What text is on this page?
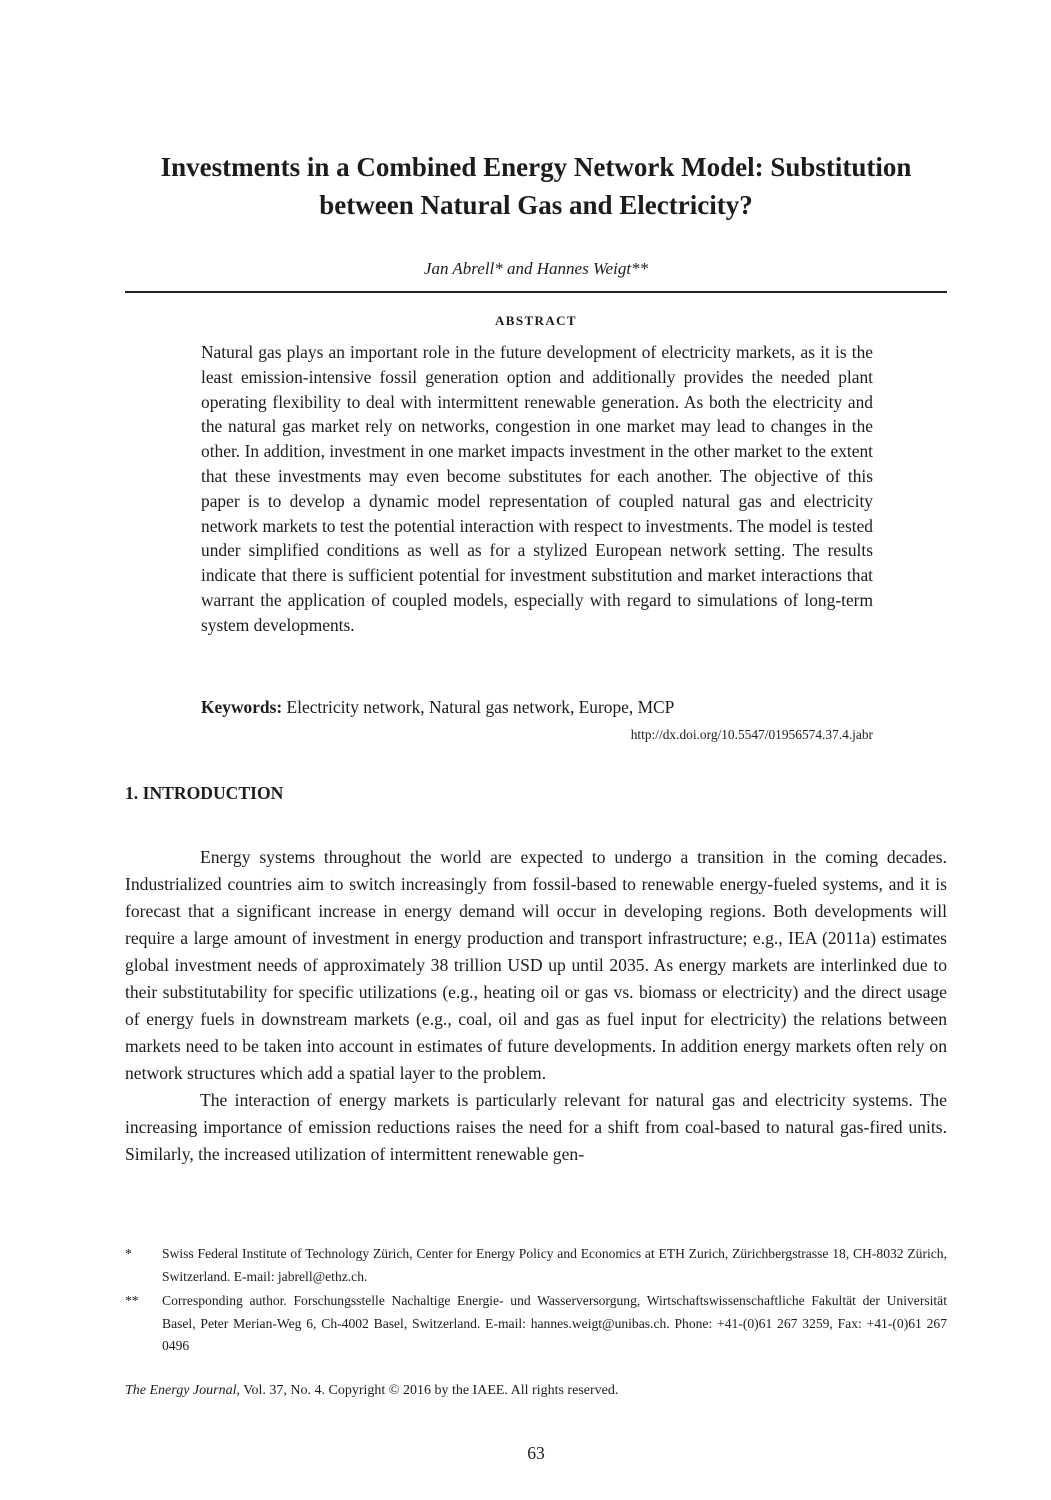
Investments in a Combined Energy Network Model: Substitution between Natural Gas and Electricity?
Jan Abrell* and Hannes Weigt**
ABSTRACT

Natural gas plays an important role in the future development of electricity markets, as it is the least emission-intensive fossil generation option and additionally provides the needed plant operating flexibility to deal with intermittent renewable generation. As both the electricity and the natural gas market rely on networks, congestion in one market may lead to changes in the other. In addition, investment in one market impacts investment in the other market to the extent that these investments may even become substitutes for each another. The objective of this paper is to develop a dynamic model representation of coupled natural gas and electricity network markets to test the potential interaction with respect to investments. The model is tested under simplified conditions as well as for a stylized European network setting. The results indicate that there is sufficient potential for investment substitution and market interactions that warrant the application of coupled models, especially with regard to simulations of long-term system developments.

Keywords: Electricity network, Natural gas network, Europe, MCP
http://dx.doi.org/10.5547/01956574.37.4.jabr
1. INTRODUCTION

Energy systems throughout the world are expected to undergo a transition in the coming decades. Industrialized countries aim to switch increasingly from fossil-based to renewable energy-fueled systems, and it is forecast that a significant increase in energy demand will occur in developing regions. Both developments will require a large amount of investment in energy production and transport infrastructure; e.g., IEA (2011a) estimates global investment needs of approximately 38 trillion USD up until 2035. As energy markets are interlinked due to their substitutability for specific utilizations (e.g., heating oil or gas vs. biomass or electricity) and the direct usage of energy fuels in downstream markets (e.g., coal, oil and gas as fuel input for electricity) the relations between markets need to be taken into account in estimates of future developments. In addition energy markets often rely on network structures which add a spatial layer to the problem.

The interaction of energy markets is particularly relevant for natural gas and electricity systems. The increasing importance of emission reductions raises the need for a shift from coal-based to natural gas-fired units. Similarly, the increased utilization of intermittent renewable gen-

* Swiss Federal Institute of Technology Zürich, Center for Energy Policy and Economics at ETH Zurich, Zürichbergstrasse 18, CH-8032 Zürich, Switzerland. E-mail: jabrell@ethz.ch.
** Corresponding author. Forschungsstelle Nachaltige Energie- und Wasserversorgung, Wirtschaftswissenschaftliche Fakultät der Universität Basel, Peter Merian-Weg 6, Ch-4002 Basel, Switzerland. E-mail: hannes.weigt@unibas.ch. Phone: +41-(0)61 267 3259, Fax: +41-(0)61 267 0496
The Energy Journal, Vol. 37, No. 4. Copyright © 2016 by the IAEE. All rights reserved.
63
